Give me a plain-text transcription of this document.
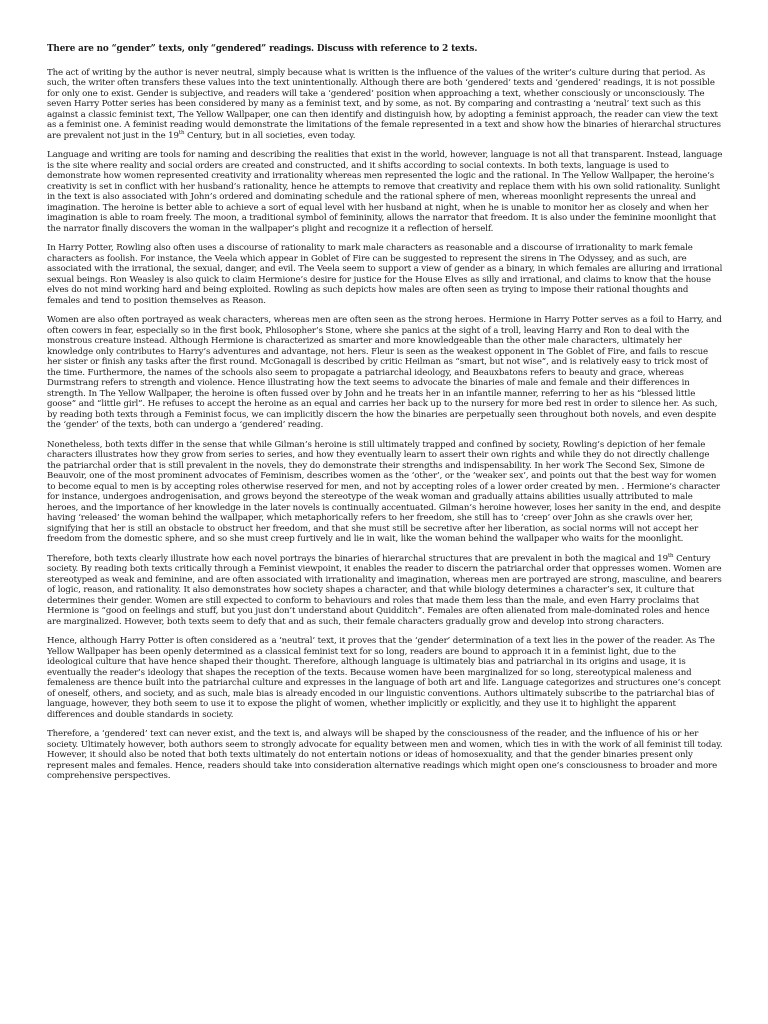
There are no “gender” texts, only “gendered” readings. Discuss with reference to 2 texts.

The act of writing by the author is never neutral, simply because what is written is the influence of the values of the writer’s culture during that period. As such, the writer often transfers these values into the text unintentionally. Although there are both ‘gendered’ texts and ‘gendered’ readings, it is not possible for only one to exist. Gender is subjective, and readers will take a ‘gendered’ position when approaching a text, whether consciously or unconsciously. The seven Harry Potter series has been considered by many as a feminist text, and by some, as not. By comparing and contrasting a ‘neutral’ text such as this against a classic feminist text, The Yellow Wallpaper, one can then identify and distinguish how, by adopting a feminist approach, the reader can view the text as a feminist one. A feminist reading would demonstrate the limitations of the female represented in a text and show how the binaries of hierarchal structures are prevalent not just in the 19th Century, but in all societies, even today.

Language and writing are tools for naming and describing the realities that exist in the world, however, language is not all that transparent. Instead, language is the site where reality and social orders are created and constructed, and it shifts according to social contexts. In both texts, language is used to demonstrate how women represented creativity and irrationality whereas men represented the logic and the rational. In The Yellow Wallpaper, the heroine’s creativity is set in conflict with her husband’s rationality, hence he attempts to remove that creativity and replace them with his own solid rationality. Sunlight in the text is also associated with John’s ordered and dominating schedule and the rational sphere of men, whereas moonlight represents the unreal and imagination. The heroine is better able to achieve a sort of equal level with her husband at night, when he is unable to monitor her as closely and when her imagination is able to roam freely. The moon, a traditional symbol of femininity, allows the narrator that freedom. It is also under the feminine moonlight that the narrator finally discovers the woman in the wallpaper’s plight and recognize it a reflection of herself.

In Harry Potter, Rowling also often uses a discourse of rationality to mark male characters as reasonable and a discourse of irrationality to mark female characters as foolish. For instance, the Veela which appear in Goblet of Fire can be suggested to represent the sirens in The Odyssey, and as such, are associated with the irrational, the sexual, danger, and evil. The Veela seem to support a view of gender as a binary, in which females are alluring and irrational sexual beings. Ron Weasley is also quick to claim Hermione’s desire for justice for the House Elves as silly and irrational, and claims to know that the house elves do not mind working hard and being exploited. Rowling as such depicts how males are often seen as trying to impose their rational thoughts and females and tend to position themselves as Reason.

Women are also often portrayed as weak characters, whereas men are often seen as the strong heroes. Hermione in Harry Potter serves as a foil to Harry, and often cowers in fear, especially so in the first book, Philosopher’s Stone, where she panics at the sight of a troll, leaving Harry and Ron to deal with the monstrous creature instead. Although Hermione is characterized as smarter and more knowledgeable than the other male characters, ultimately her knowledge only contributes to Harry’s adventures and advantage, not hers. Fleur is seen as the weakest opponent in The Goblet of Fire, and fails to rescue her sister or finish any tasks after the first round. McGonagall is described by critic Heilman as “smart, but not wise”, and is relatively easy to trick most of the time. Furthermore, the names of the schools also seem to propagate a patriarchal ideology, and Beauxbatons refers to beauty and grace, whereas Durmstrang refers to strength and violence. Hence illustrating how the text seems to advocate the binaries of male and female and their differences in strength. In The Yellow Wallpaper, the heroine is often fussed over by John and he treats her in an infantile manner, referring to her as his “blessed little goose” and “little girl”. He refuses to accept the heroine as an equal and carries her back up to the nursery for more bed rest in order to silence her. As such, by reading both texts through a Feminist focus, we can implicitly discern the how the binaries are perpetually seen throughout both novels, and even despite the ‘gender’ of the texts, both can undergo a ‘gendered’ reading.

Nonetheless, both texts differ in the sense that while Gilman’s heroine is still ultimately trapped and confined by society, Rowling’s depiction of her female characters illustrates how they grow from series to series, and how they eventually learn to assert their own rights and while they do not directly challenge the patriarchal order that is still prevalent in the novels, they do demonstrate their strengths and indispensability. In her work The Second Sex, Simone de Beauvoir, one of the most prominent advocates of Feminism, describes women as the ‘other’, or the ‘weaker sex’, and points out that the best way for women to become equal to men is by accepting roles otherwise reserved for men, and not by accepting roles of a lower order created by men. . Hermione’s character for instance, undergoes androgenisation, and grows beyond the stereotype of the weak woman and gradually attains abilities usually attributed to male heroes, and the importance of her knowledge in the later novels is continually accentuated. Gilman’s heroine however, loses her sanity in the end, and despite having ‘released’ the woman behind the wallpaper, which metaphorically refers to her freedom, she still has to ‘creep’ over John as she crawls over her, signifying that her is still an obstacle to obstruct her freedom, and that she must still be secretive after her liberation, as social norms will not accept her freedom from the domestic sphere, and so she must creep furtively and lie in wait, like the woman behind the wallpaper who waits for the moonlight.

Therefore, both texts clearly illustrate how each novel portrays the binaries of hierarchal structures that are prevalent in both the magical and 19th Century society. By reading both texts critically through a Feminist viewpoint, it enables the reader to discern the patriarchal order that oppresses women. Women are stereotyped as weak and feminine, and are often associated with irrationality and imagination, whereas men are portrayed are strong, masculine, and bearers of logic, reason, and rationality. It also demonstrates how society shapes a character, and that while biology determines a character’s sex, it culture that determines their gender. Women are still expected to conform to behaviours and roles that made them less than the male, and even Harry proclaims that Hermione is “good on feelings and stuff, but you just don’t understand about Quidditch”. Females are often alienated from male-dominated roles and hence are marginalized. However, both texts seem to defy that and as such, their female characters gradually grow and develop into strong characters.

Hence, although Harry Potter is often considered as a ‘neutral’ text, it proves that the ‘gender’ determination of a text lies in the power of the reader. As The Yellow Wallpaper has been openly determined as a classical feminist text for so long, readers are bound to approach it in a feminist light, due to the ideological culture that have hence shaped their thought. Therefore, although language is ultimately bias and patriarchal in its origins and usage, it is eventually the reader’s ideology that shapes the reception of the texts. Because women have been marginalized for so long, stereotypical maleness and femaleness are thence built into the patriarchal culture and expresses in the language of both art and life. Language categorizes and structures one’s concept of oneself, others, and society, and as such, male bias is already encoded in our linguistic conventions. Authors ultimately subscribe to the patriarchal bias of language, however, they both seem to use it to expose the plight of women, whether implicitly or explicitly, and they use it to highlight the apparent differences and double standards in society.

Therefore, a ‘gendered’ text can never exist, and the text is, and always will be shaped by the consciousness of the reader, and the influence of his or her society. Ultimately however, both authors seem to strongly advocate for equality between men and women, which ties in with the work of all feminist till today. However, it should also be noted that both texts ultimately do not entertain notions or ideas of homosexuality, and that the gender binaries present only represent males and females. Hence, readers should take into consideration alternative readings which might open one’s consciousness to broader and more comprehensive perspectives.
